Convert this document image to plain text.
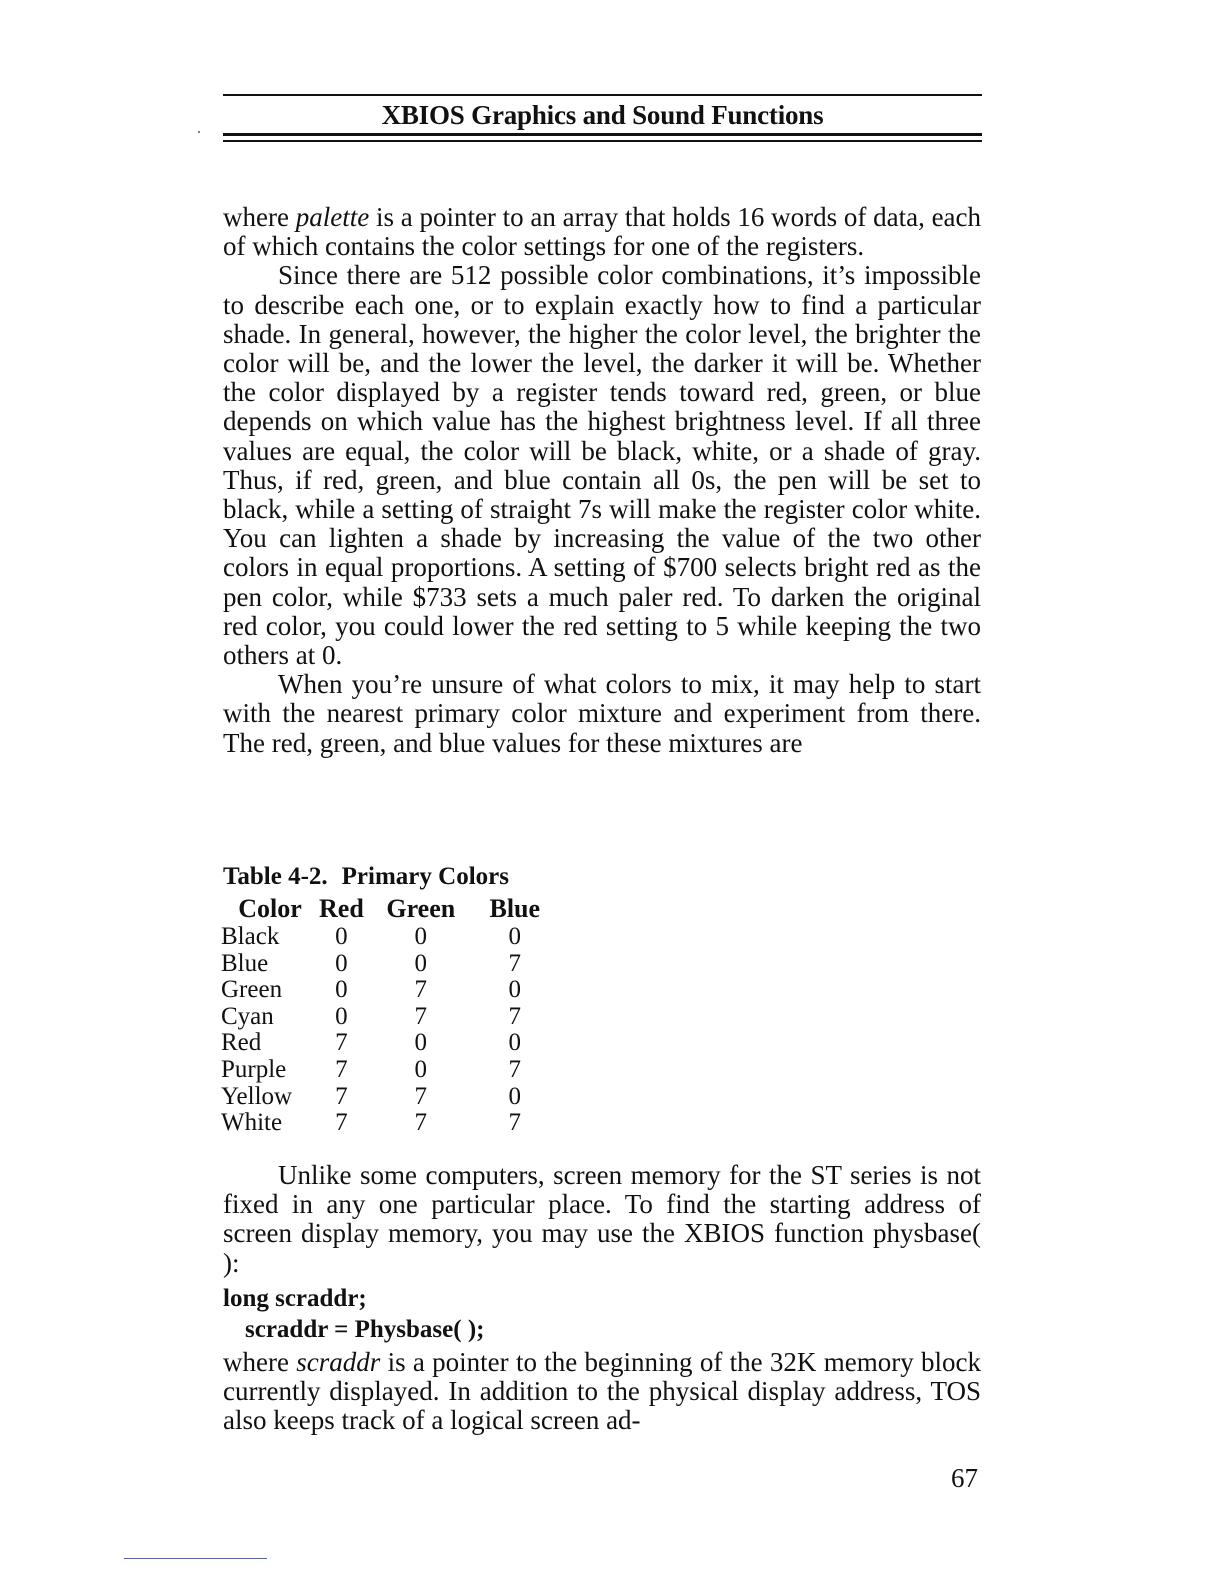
XBIOS Graphics and Sound Functions

where palette is a pointer to an array that holds 16 words of data, each of which contains the color settings for one of the registers.

Since there are 512 possible color combinations, it’s impossible to describe each one, or to explain exactly how to find a particular shade. In general, however, the higher the color level, the brighter the color will be, and the lower the level, the darker it will be. Whether the color displayed by a register tends toward red, green, or blue depends on which value has the highest brightness level. If all three values are equal, the color will be black, white, or a shade of gray. Thus, if red, green, and blue contain all 0s, the pen will be set to black, while a setting of straight 7s will make the register color white. You can lighten a shade by increasing the value of the two other colors in equal proportions. A setting of $700 selects bright red as the pen color, while $733 sets a much paler red. To darken the original red color, you could lower the red setting to 5 while keeping the two others at 0.

When you’re unsure of what colors to mix, it may help to start with the nearest primary color mixture and experiment from there. The red, green, and blue values for these mixtures are

Table 4-2. Primary Colors
Color	Red	Green	Blue
Black	0	0	0
Blue	0	0	7
Green	0	7	0
Cyan	0	7	7
Red	7	0	0
Purple	7	0	7
Yellow	7	7	0
White	7	7	7

Unlike some computers, screen memory for the ST series is not fixed in any one particular place. To find the starting address of screen display memory, you may use the XBIOS function physbase( ):

long scraddr;
scraddr = Physbase( );

where scraddr is a pointer to the beginning of the 32K memory block currently displayed. In addition to the physical display address, TOS also keeps track of a logical screen ad-

67
